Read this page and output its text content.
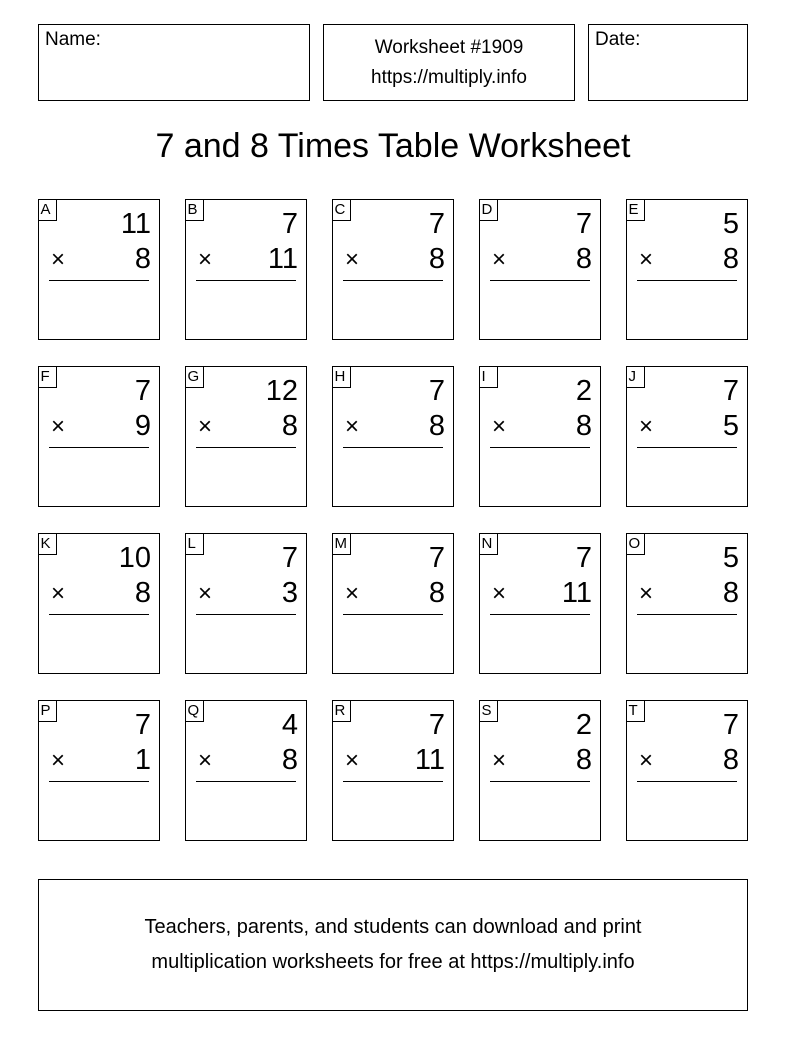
Name:	Worksheet #1909
https://multiply.info
Date:
7 and 8 Times Table Worksheet
A 11
× 8
B	7
× 11
C	7
× 8
D	7
× 8
E	5
× 8
F	7
× 9
G 12
× 8
H	7
× 8
I	2
× 8
J	7
× 5
K 10
× 8
L	7
× 3
M	7
× 8
N	7
× 11
O	5
× 8
P	7
× 1
Q	4
× 8
R	7
× 11
S	2
× 8
T	7
× 8
Teachers, parents, and students can download and print
multiplication worksheets for free at https://multiply.info
